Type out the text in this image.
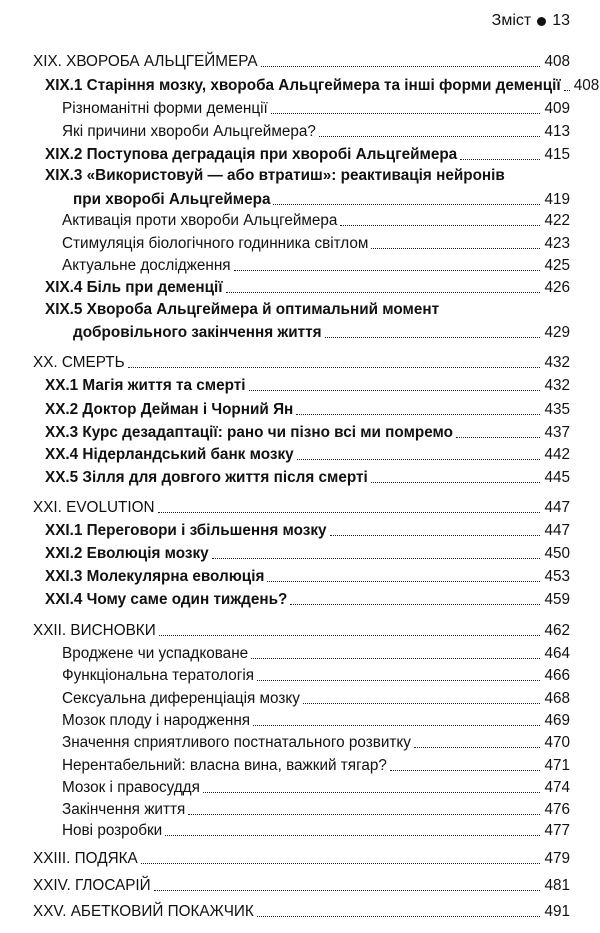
Зміст 13
XIX. ХВОРОБА АЛЬЦГЕЙМЕРА	408
XIX.1 Старіння мозку, хвороба Альцгеймера та інші форми деменції 408
Різноманітні форми деменції	409
Які причини хвороби Альцгеймера?	413
XIX.2 Поступова деградація при хворобі Альцгеймера	415
XIX.3 «Використовуй — або втратиш»: реактивація нейронів
при хворобі Альцгеймера	419
Активація проти хвороби Альцгеймера	422
Стимуляція біологічного годинника світлом	423
Актуальне дослідження	425
XIX.4 Біль при деменції	426
XIX.5 Хвороба Альцгеймера й оптимальний момент
добровільного закінчення життя	429
XX. СМЕРТЬ	432
XX.1 Магія життя та смерті	432
XX.2 Доктор Дейман і Чорний Ян	435
XX.3 Курс дезадаптації: рано чи пізно всі ми помремо	437
XX.4 Нідерландський банк мозку	442
XX.5 Зілля для довгого життя після смерті	445
XXI. EVOLUTION	447
XXI.1 Переговори і збільшення мозку	447
XXI.2 Еволюція мозку	450
XXI.3 Молекулярна еволюція	453
XXI.4 Чому саме один тиждень?	459
XXII. ВИСНОВКИ	462
Вроджене чи успадковане	464
Функціональна тератологія	466
Сексуальна диференціація мозку	468
Мозок плоду і народження	469
Значення сприятливого постнатального розвитку	470
Нерентабельний: власна вина, важкий тягар?	471
Мозок і правосуддя	474
Закінчення життя	476
Нові розробки	477
XXIII. ПОДЯКА	479
XXIV. ГЛОСАРІЙ	481
XXV. АБЕТКОВИЙ ПОКАЖЧИК	491
